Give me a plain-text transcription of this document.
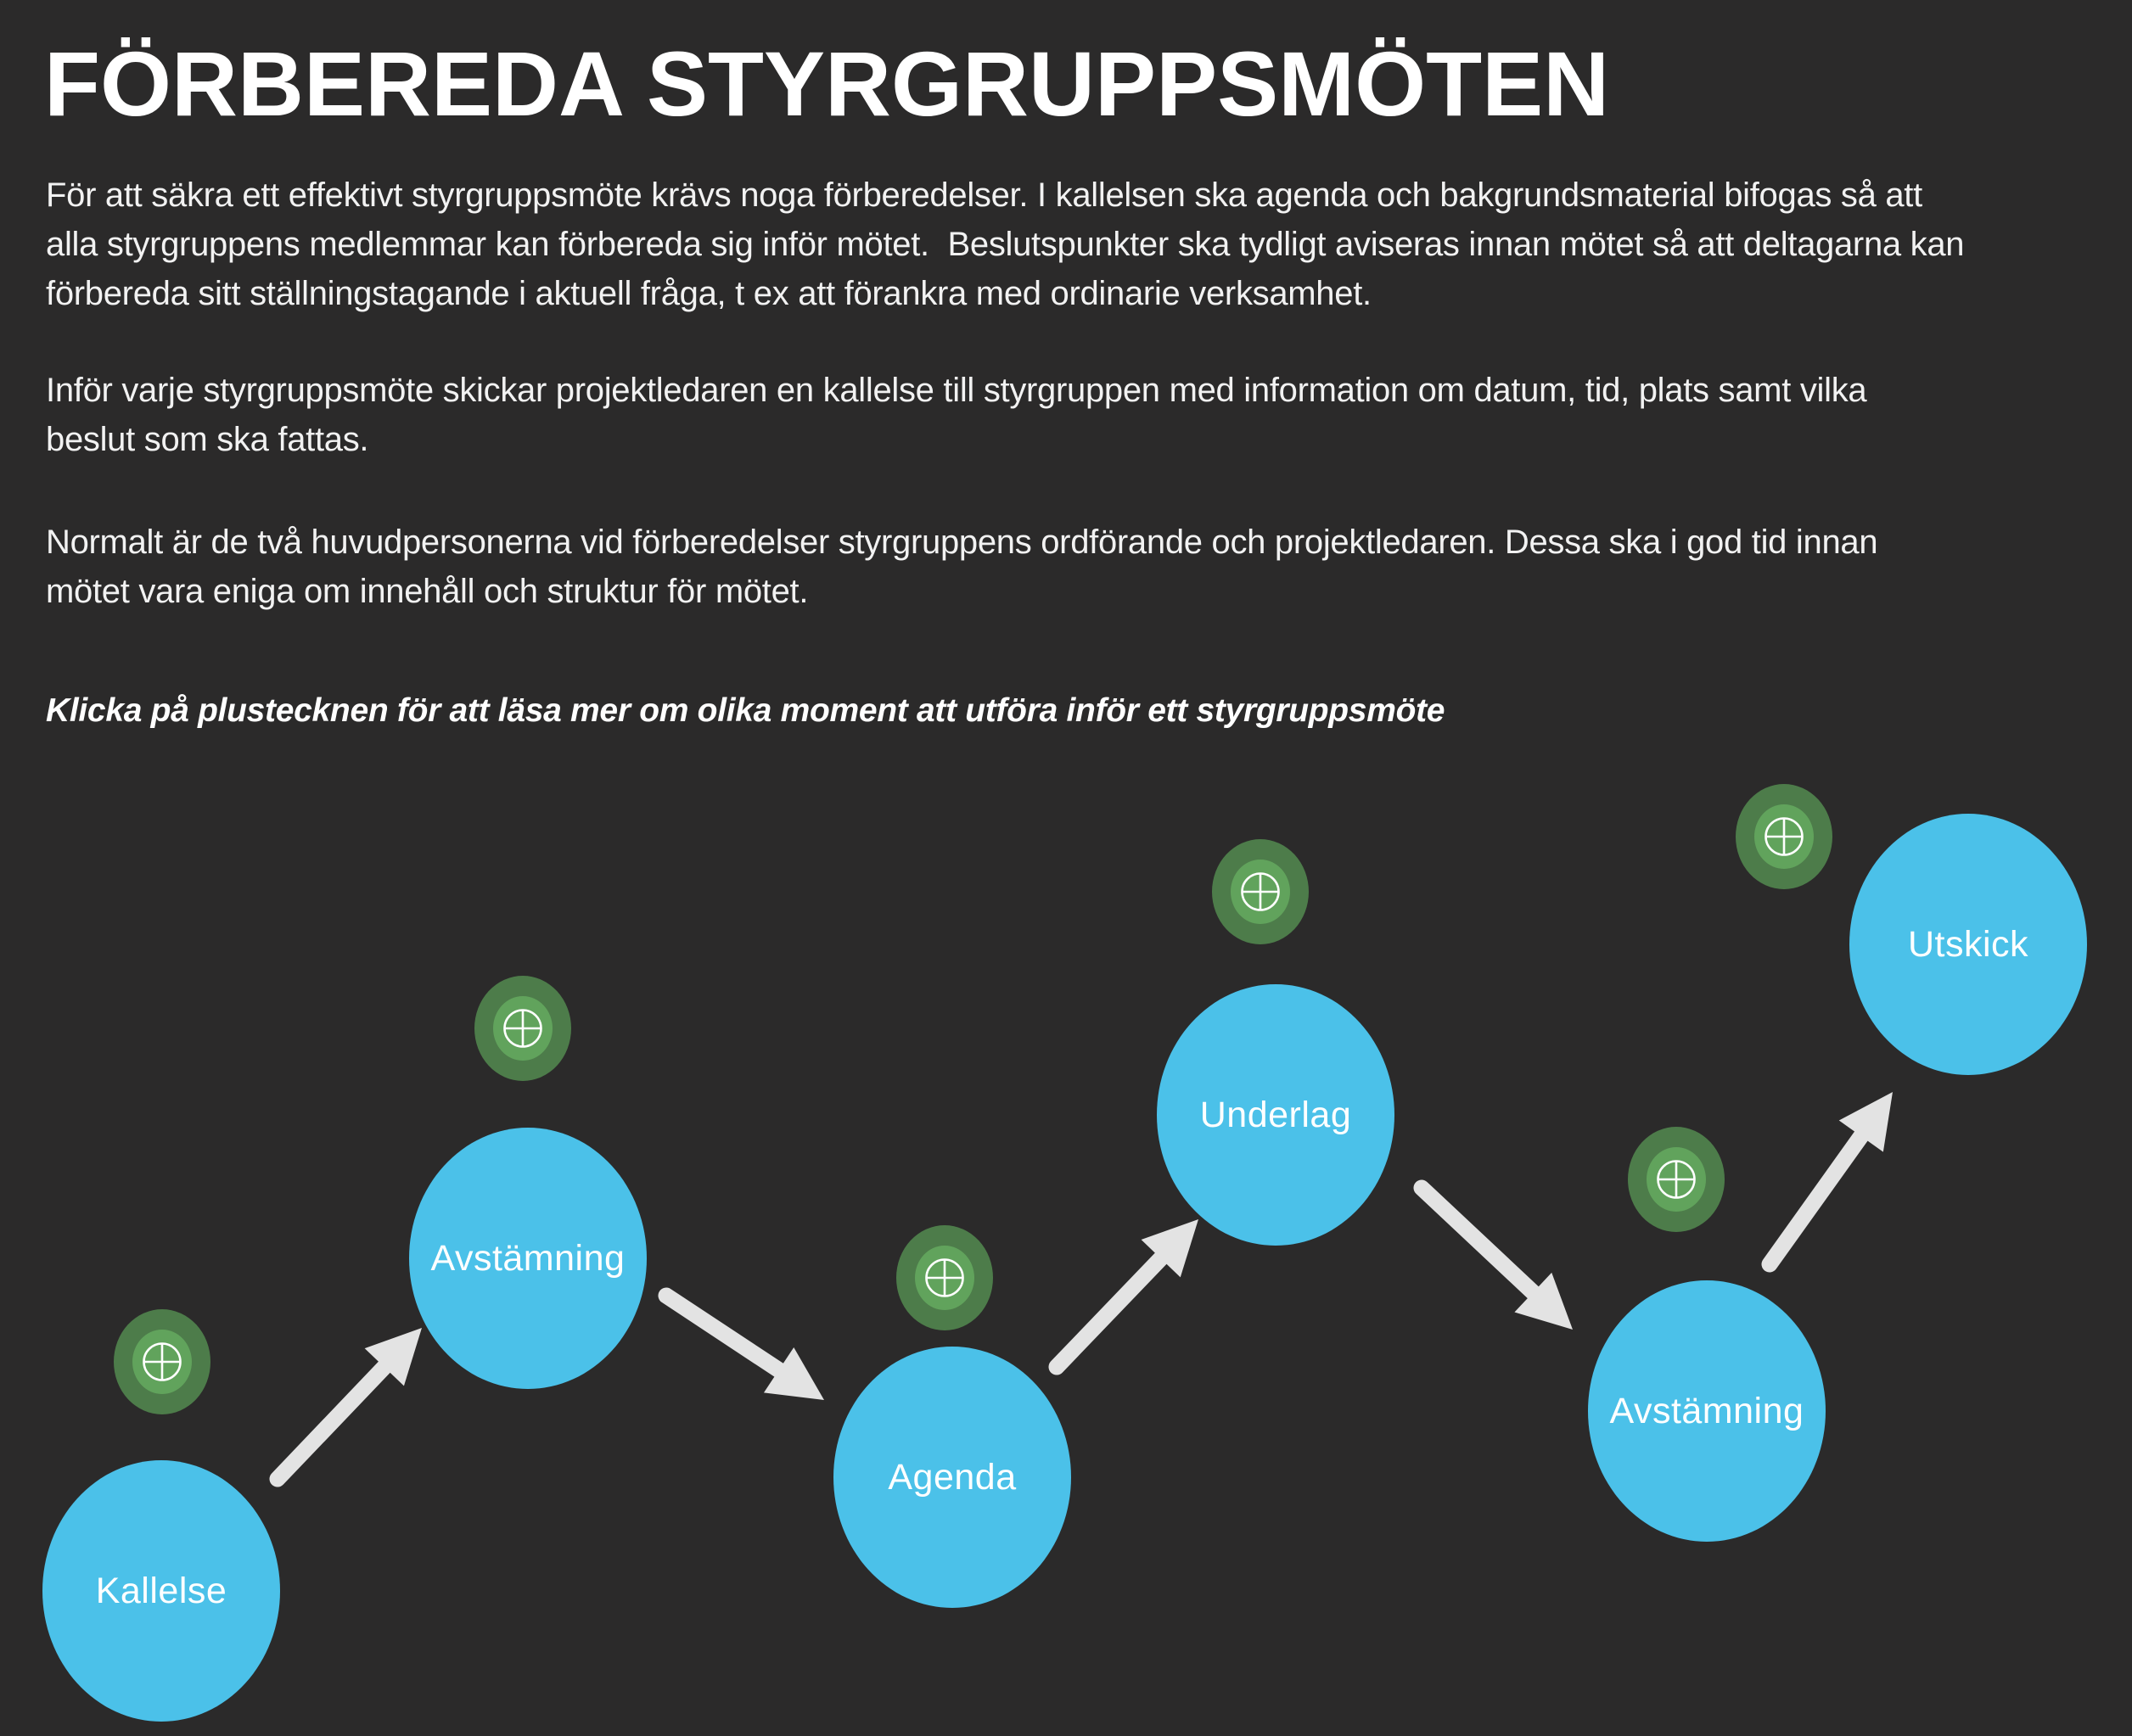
FÖRBEREDA STYRGRUPPSMÖTEN
För att säkra ett effektivt styrgruppsmöte krävs noga förberedelser. I kallelsen ska agenda och bakgrundsmaterial bifogas så att
alla styrgruppens medlemmar kan förbereda sig inför mötet.  Beslutspunkter ska tydligt aviseras innan mötet så att deltagarna kan
förbereda sitt ställningstagande i aktuell fråga, t ex att förankra med ordinarie verksamhet.
Inför varje styrgruppsmöte skickar projektledaren en kallelse till styrgruppen med information om datum, tid, plats samt vilka
beslut som ska fattas.
Normalt är de två huvudpersonerna vid förberedelser styrgruppens ordförande och projektledaren. Dessa ska i god tid innan
mötet vara eniga om innehåll och struktur för mötet.

Klicka på plustecknen för att läsa mer om olika moment att utföra inför ett styrgruppsmöte

Kallelse
Avstämning
Agenda
Underlag
Avstämning
Utskick
